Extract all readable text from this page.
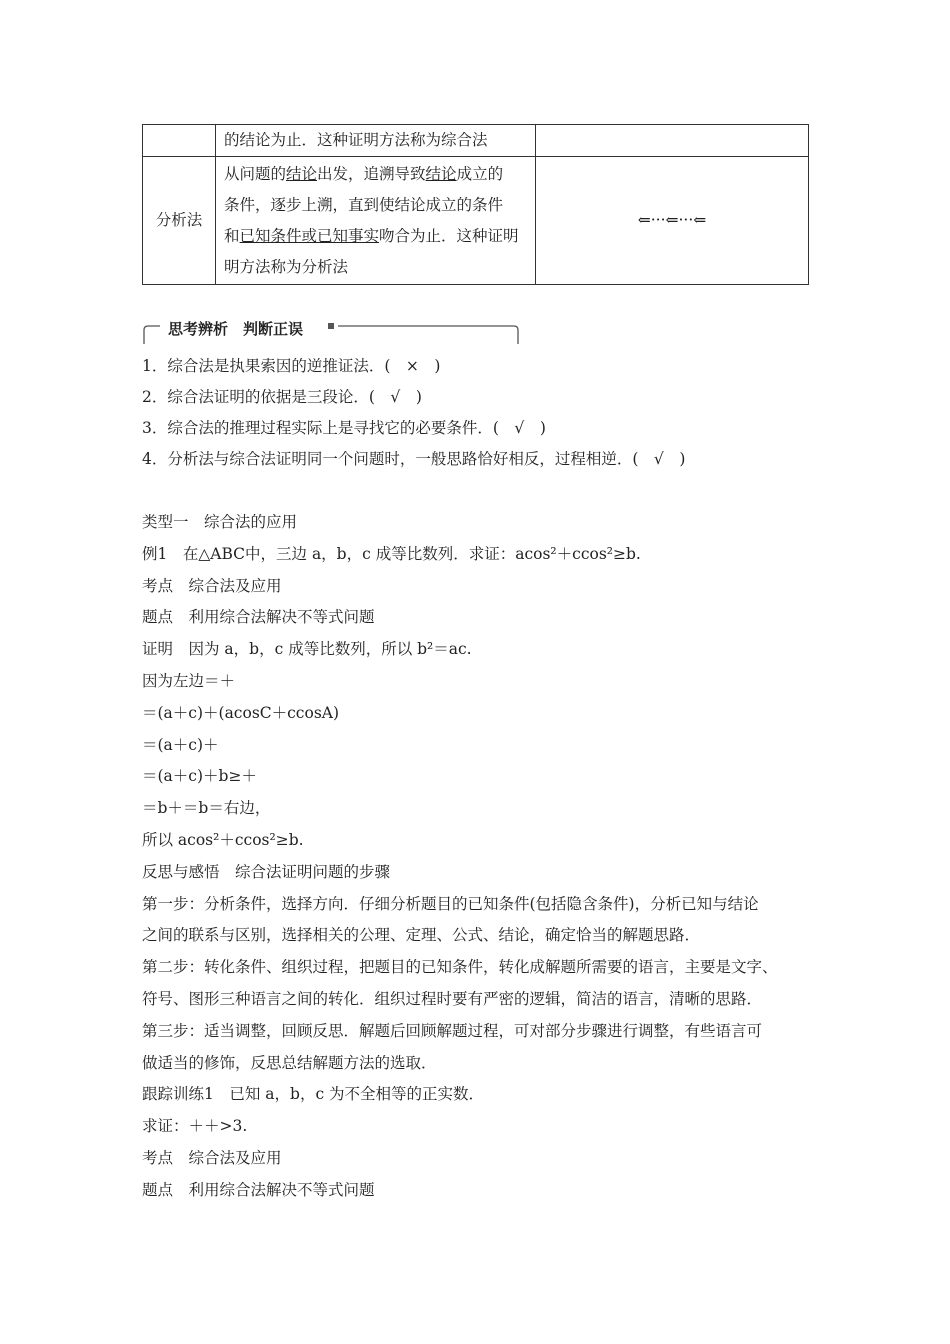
	的结论为止．这种证明方法称为综合法	
分析法	从问题的结论出发，追溯导致结论成立的
条件，逐步上溯，直到使结论成立的条件
和已知条件或已知事实吻合为止．这种证明
明方法称为分析法	⇐···⇐···⇐
思考辨析　判断正误
1．综合法是执果索因的逆推证法．(　×　)
2．综合法证明的依据是三段论．(　√　)
3．综合法的推理过程实际上是寻找它的必要条件．(　√　)
4．分析法与综合法证明同一个问题时，一般思路恰好相反，过程相逆．(　√　)
类型一　综合法的应用
例1　在△ABC中，三边 a，b，c 成等比数列．求证：acos²＋ccos²≥b.
考点　综合法及应用
题点　利用综合法解决不等式问题
证明　因为 a，b，c 成等比数列，所以 b²＝ac.
因为左边＝＋
＝(a＋c)＋(acosC＋ccosA)
＝(a＋c)＋
＝(a＋c)＋b≥＋
＝b＋＝b＝右边，
所以 acos²＋ccos²≥b.
反思与感悟　综合法证明问题的步骤
第一步：分析条件，选择方向．仔细分析题目的已知条件(包括隐含条件)，分析已知与结论
之间的联系与区别，选择相关的公理、定理、公式、结论，确定恰当的解题思路．
第二步：转化条件、组织过程，把题目的已知条件，转化成解题所需要的语言，主要是文字、
符号、图形三种语言之间的转化．组织过程时要有严密的逻辑，简洁的语言，清晰的思路．
第三步：适当调整，回顾反思．解题后回顾解题过程，可对部分步骤进行调整，有些语言可
做适当的修饰，反思总结解题方法的选取．
跟踪训练1　已知 a，b，c 为不全相等的正实数．
求证：＋＋>3.
考点　综合法及应用
题点　利用综合法解决不等式问题
